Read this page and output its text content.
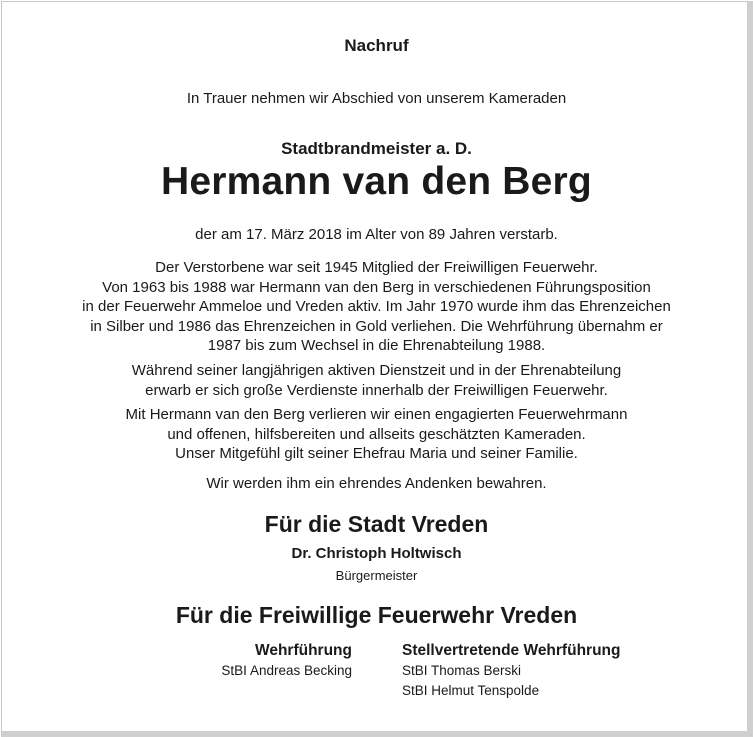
Nachruf
In Trauer nehmen wir Abschied von unserem Kameraden
Stadtbrandmeister a. D.
Hermann van den Berg
der am 17. März 2018 im Alter von 89 Jahren verstarb.
Der Verstorbene war seit 1945 Mitglied der Freiwilligen Feuerwehr.
Von 1963 bis 1988 war Hermann van den Berg in verschiedenen Führungsposition
in der Feuerwehr Ammeloe und Vreden aktiv. Im Jahr 1970 wurde ihm das Ehrenzeichen
in Silber und 1986 das Ehrenzeichen in Gold verliehen. Die Wehrführung übernahm er
1987 bis zum Wechsel in die Ehrenabteilung 1988.
Während seiner langjährigen aktiven Dienstzeit und in der Ehrenabteilung
erwarb er sich große Verdienste innerhalb der Freiwilligen Feuerwehr.
Mit Hermann van den Berg verlieren wir einen engagierten Feuerwehrmann
und offenen, hilfsbereiten und allseits geschätzten Kameraden.
Unser Mitgefühl gilt seiner Ehefrau Maria und seiner Familie.
Wir werden ihm ein ehrendes Andenken bewahren.
Für die Stadt Vreden
Dr. Christoph Holtwisch
Bürgermeister
Für die Freiwillige Feuerwehr Vreden
Wehrführung
StBI Andreas Becking
Stellvertretende Wehrführung
StBI Thomas Berski
StBI Helmut Tenspolde
